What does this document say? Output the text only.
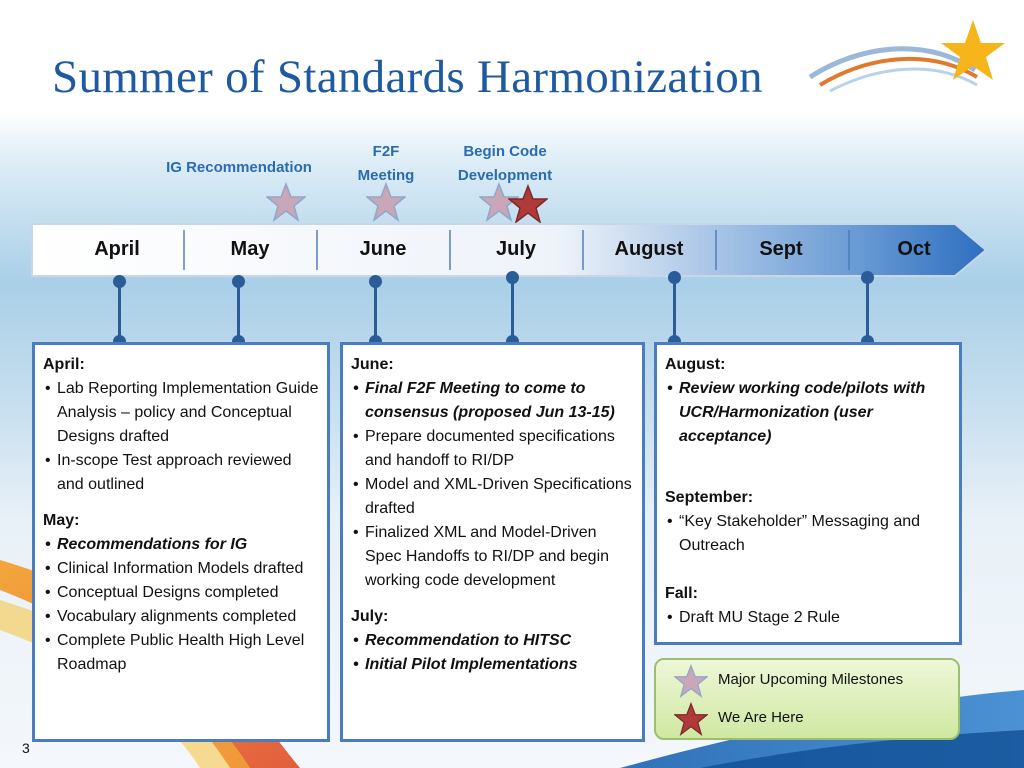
Summer of Standards Harmonization
IG Recommendation
F2F Meeting
Begin Code Development
April	May	June	July	August	Sept	Oct
April:
• Lab Reporting Implementation Guide Analysis – policy and Conceptual Designs drafted
• In-scope Test approach reviewed and outlined
May:
• Recommendations for IG
• Clinical Information Models drafted
• Conceptual Designs completed
• Vocabulary alignments completed
• Complete Public Health High Level Roadmap
June:
• Final F2F Meeting to come to consensus (proposed Jun 13-15)
• Prepare documented specifications and handoff to RI/DP
• Model and XML-Driven Specifications drafted
• Finalized XML and Model-Driven Spec Handoffs to RI/DP and begin working code development
July:
• Recommendation to HITSC
• Initial Pilot Implementations
August:
• Review working code/pilots with UCR/Harmonization (user acceptance)
September:
• “Key Stakeholder” Messaging and Outreach
Fall:
• Draft MU Stage 2 Rule
Major Upcoming Milestones
We Are Here
3
